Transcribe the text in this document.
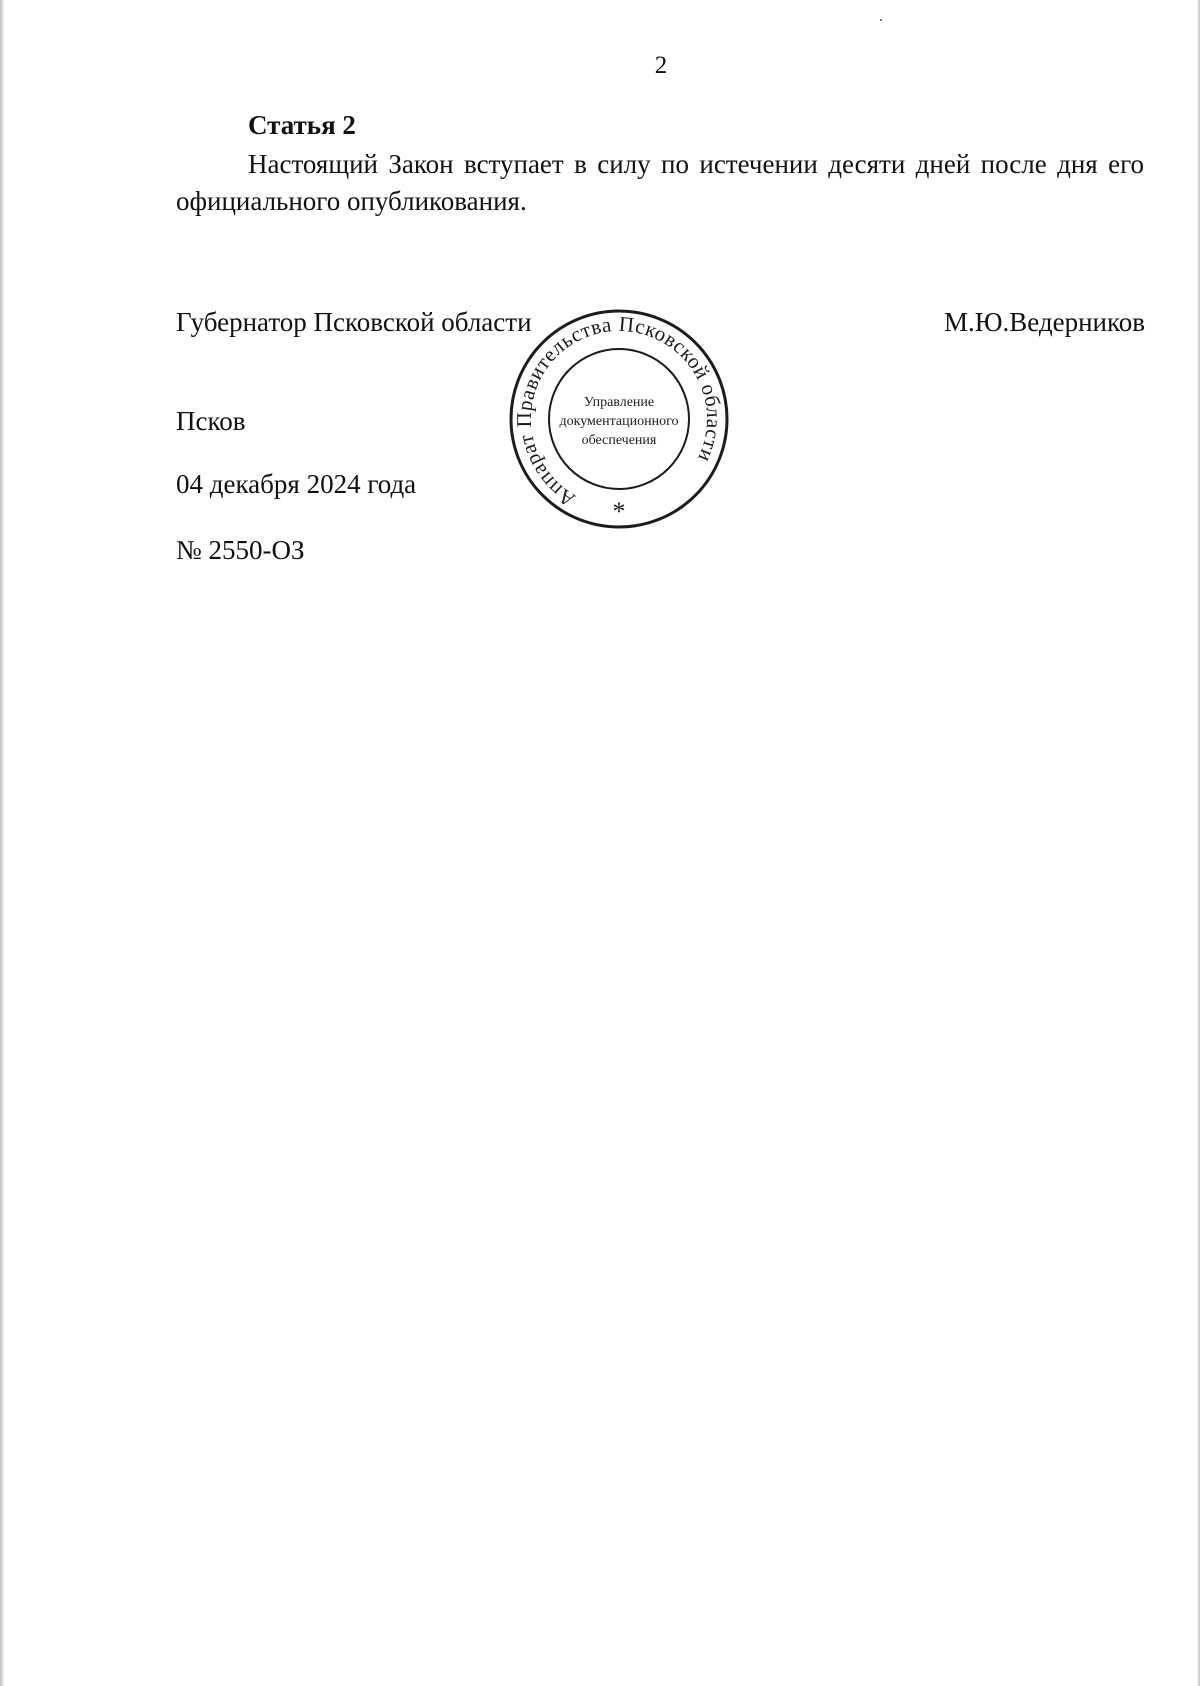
2
Статья 2
Настоящий Закон вступает в силу по истечении десяти дней после дня его официального опубликования.
Губернатор Псковской области	М.Ю.Ведерников
Псков
04 декабря 2024 года
№ 2550-ОЗ
Аппарат Правительства Псковской области
Управление
документационного
обеспечения
*
